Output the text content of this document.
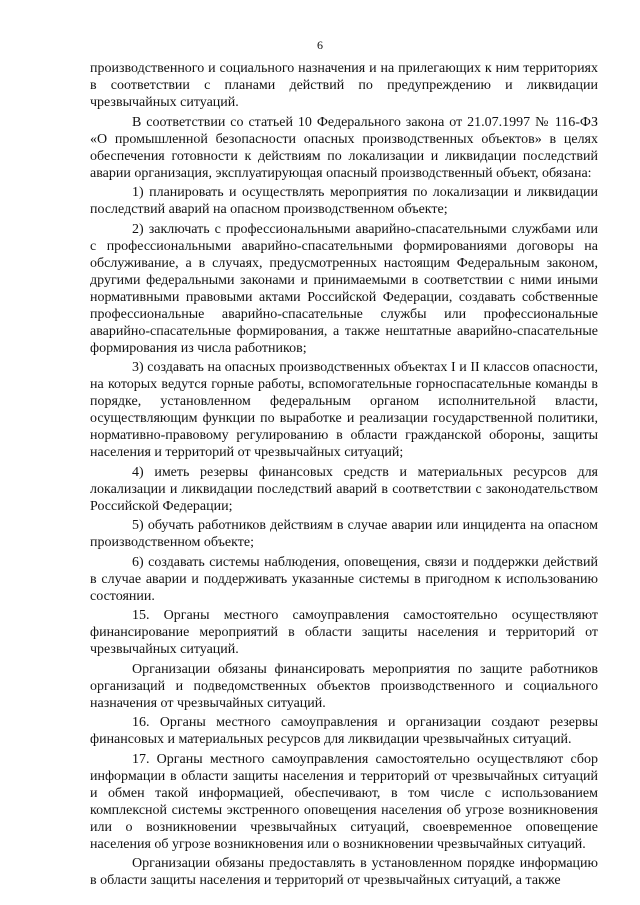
6

производственного и социального назначения и на прилегающих к ним территориях в соответствии с планами действий по предупреждению и ликвидации чрезвычайных ситуаций.

В соответствии со статьей 10 Федерального закона от 21.07.1997 № 116-ФЗ «О промышленной безопасности опасных производственных объектов» в целях обеспечения готовности к действиям по локализации и ликвидации последствий аварии организация, эксплуатирующая опасный производственный объект, обязана:

1) планировать и осуществлять мероприятия по локализации и ликвидации последствий аварий на опасном производственном объекте;

2) заключать с профессиональными аварийно-спасательными службами или с профессиональными аварийно-спасательными формированиями договоры на обслуживание, а в случаях, предусмотренных настоящим Федеральным законом, другими федеральными законами и принимаемыми в соответствии с ними иными нормативными правовыми актами Российской Федерации, создавать собственные профессиональные аварийно-спасательные службы или профессиональные аварийно-спасательные формирования, а также нештатные аварийно-спасательные формирования из числа работников;

3) создавать на опасных производственных объектах I и II классов опасности, на которых ведутся горные работы, вспомогательные горноспасательные команды в порядке, установленном федеральным органом исполнительной власти, осуществляющим функции по выработке и реализации государственной политики, нормативно-правовому регулированию в области гражданской обороны, защиты населения и территорий от чрезвычайных ситуаций;

4) иметь резервы финансовых средств и материальных ресурсов для локализации и ликвидации последствий аварий в соответствии с законодательством Российской Федерации;

5) обучать работников действиям в случае аварии или инцидента на опасном производственном объекте;

6) создавать системы наблюдения, оповещения, связи и поддержки действий в случае аварии и поддерживать указанные системы в пригодном к использованию состоянии.

15. Органы местного самоуправления самостоятельно осуществляют финансирование мероприятий в области защиты населения и территорий от чрезвычайных ситуаций.

Организации обязаны финансировать мероприятия по защите работников организаций и подведомственных объектов производственного и социального назначения от чрезвычайных ситуаций.

16. Органы местного самоуправления и организации создают резервы финансовых и материальных ресурсов для ликвидации чрезвычайных ситуаций.

17. Органы местного самоуправления самостоятельно осуществляют сбор информации в области защиты населения и территорий от чрезвычайных ситуаций и обмен такой информацией, обеспечивают, в том числе с использованием комплексной системы экстренного оповещения населения об угрозе возникновения или о возникновении чрезвычайных ситуаций, своевременное оповещение населения об угрозе возникновения или о возникновении чрезвычайных ситуаций.

Организации обязаны предоставлять в установленном порядке информацию в области защиты населения и территорий от чрезвычайных ситуаций, а также
